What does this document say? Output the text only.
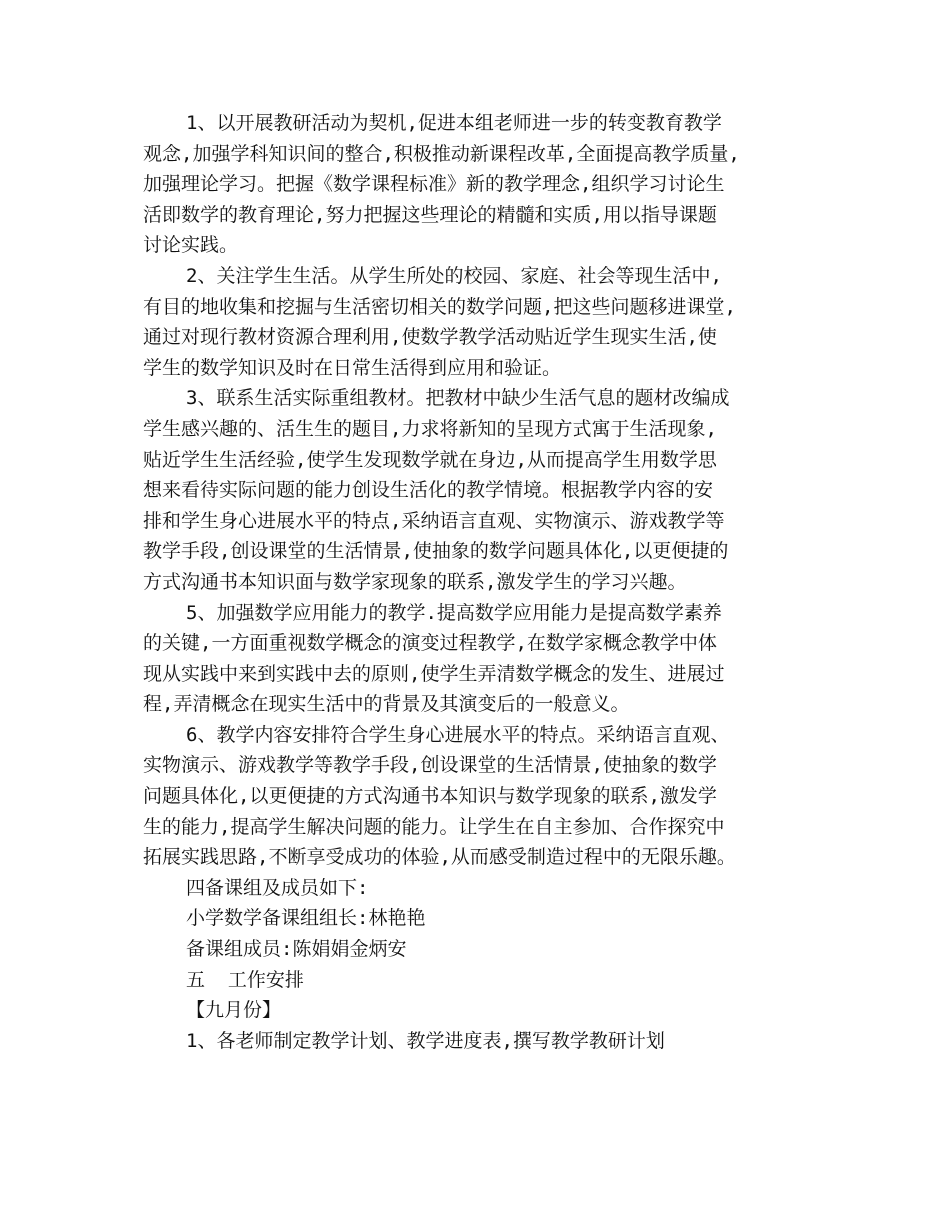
1、以开展教研活动为契机,促进本组老师进一步的转变教育教学
观念,加强学科知识间的整合,积极推动新课程改革,全面提高教学质量,
加强理论学习。把握《数学课程标准》新的教学理念,组织学习讨论生
活即数学的教育理论,努力把握这些理论的精髓和实质,用以指导课题
讨论实践。
2、关注学生生活。从学生所处的校园、家庭、社会等现生活中,
有目的地收集和挖掘与生活密切相关的数学问题,把这些问题移进课堂,
通过对现行教材资源合理利用,使数学教学活动贴近学生现实生活,使
学生的数学知识及时在日常生活得到应用和验证。
3、联系生活实际重组教材。把教材中缺少生活气息的题材改编成
学生感兴趣的、活生生的题目,力求将新知的呈现方式寓于生活现象,
贴近学生生活经验,使学生发现数学就在身边,从而提高学生用数学思
想来看待实际问题的能力创设生活化的教学情境。根据教学内容的安
排和学生身心进展水平的特点,采纳语言直观、实物演示、游戏教学等
教学手段,创设课堂的生活情景,使抽象的数学问题具体化,以更便捷的
方式沟通书本知识面与数学家现象的联系,激发学生的学习兴趣。
5、加强数学应用能力的教学.提高数学应用能力是提高数学素养
的关键,一方面重视数学概念的演变过程教学,在数学家概念教学中体
现从实践中来到实践中去的原则,使学生弄清数学概念的发生、进展过
程,弄清概念在现实生活中的背景及其演变后的一般意义。
6、教学内容安排符合学生身心进展水平的特点。采纳语言直观、
实物演示、游戏教学等教学手段,创设课堂的生活情景,使抽象的数学
问题具体化,以更便捷的方式沟通书本知识与数学现象的联系,激发学
生的能力,提高学生解决问题的能力。让学生在自主参加、合作探究中
拓展实践思路,不断享受成功的体验,从而感受制造过程中的无限乐趣。
四备课组及成员如下:
小学数学备课组组长:林艳艳
备课组成员:陈娟娟金炳安
五  工作安排
【九月份】
1、各老师制定教学计划、教学进度表,撰写教学教研计划
